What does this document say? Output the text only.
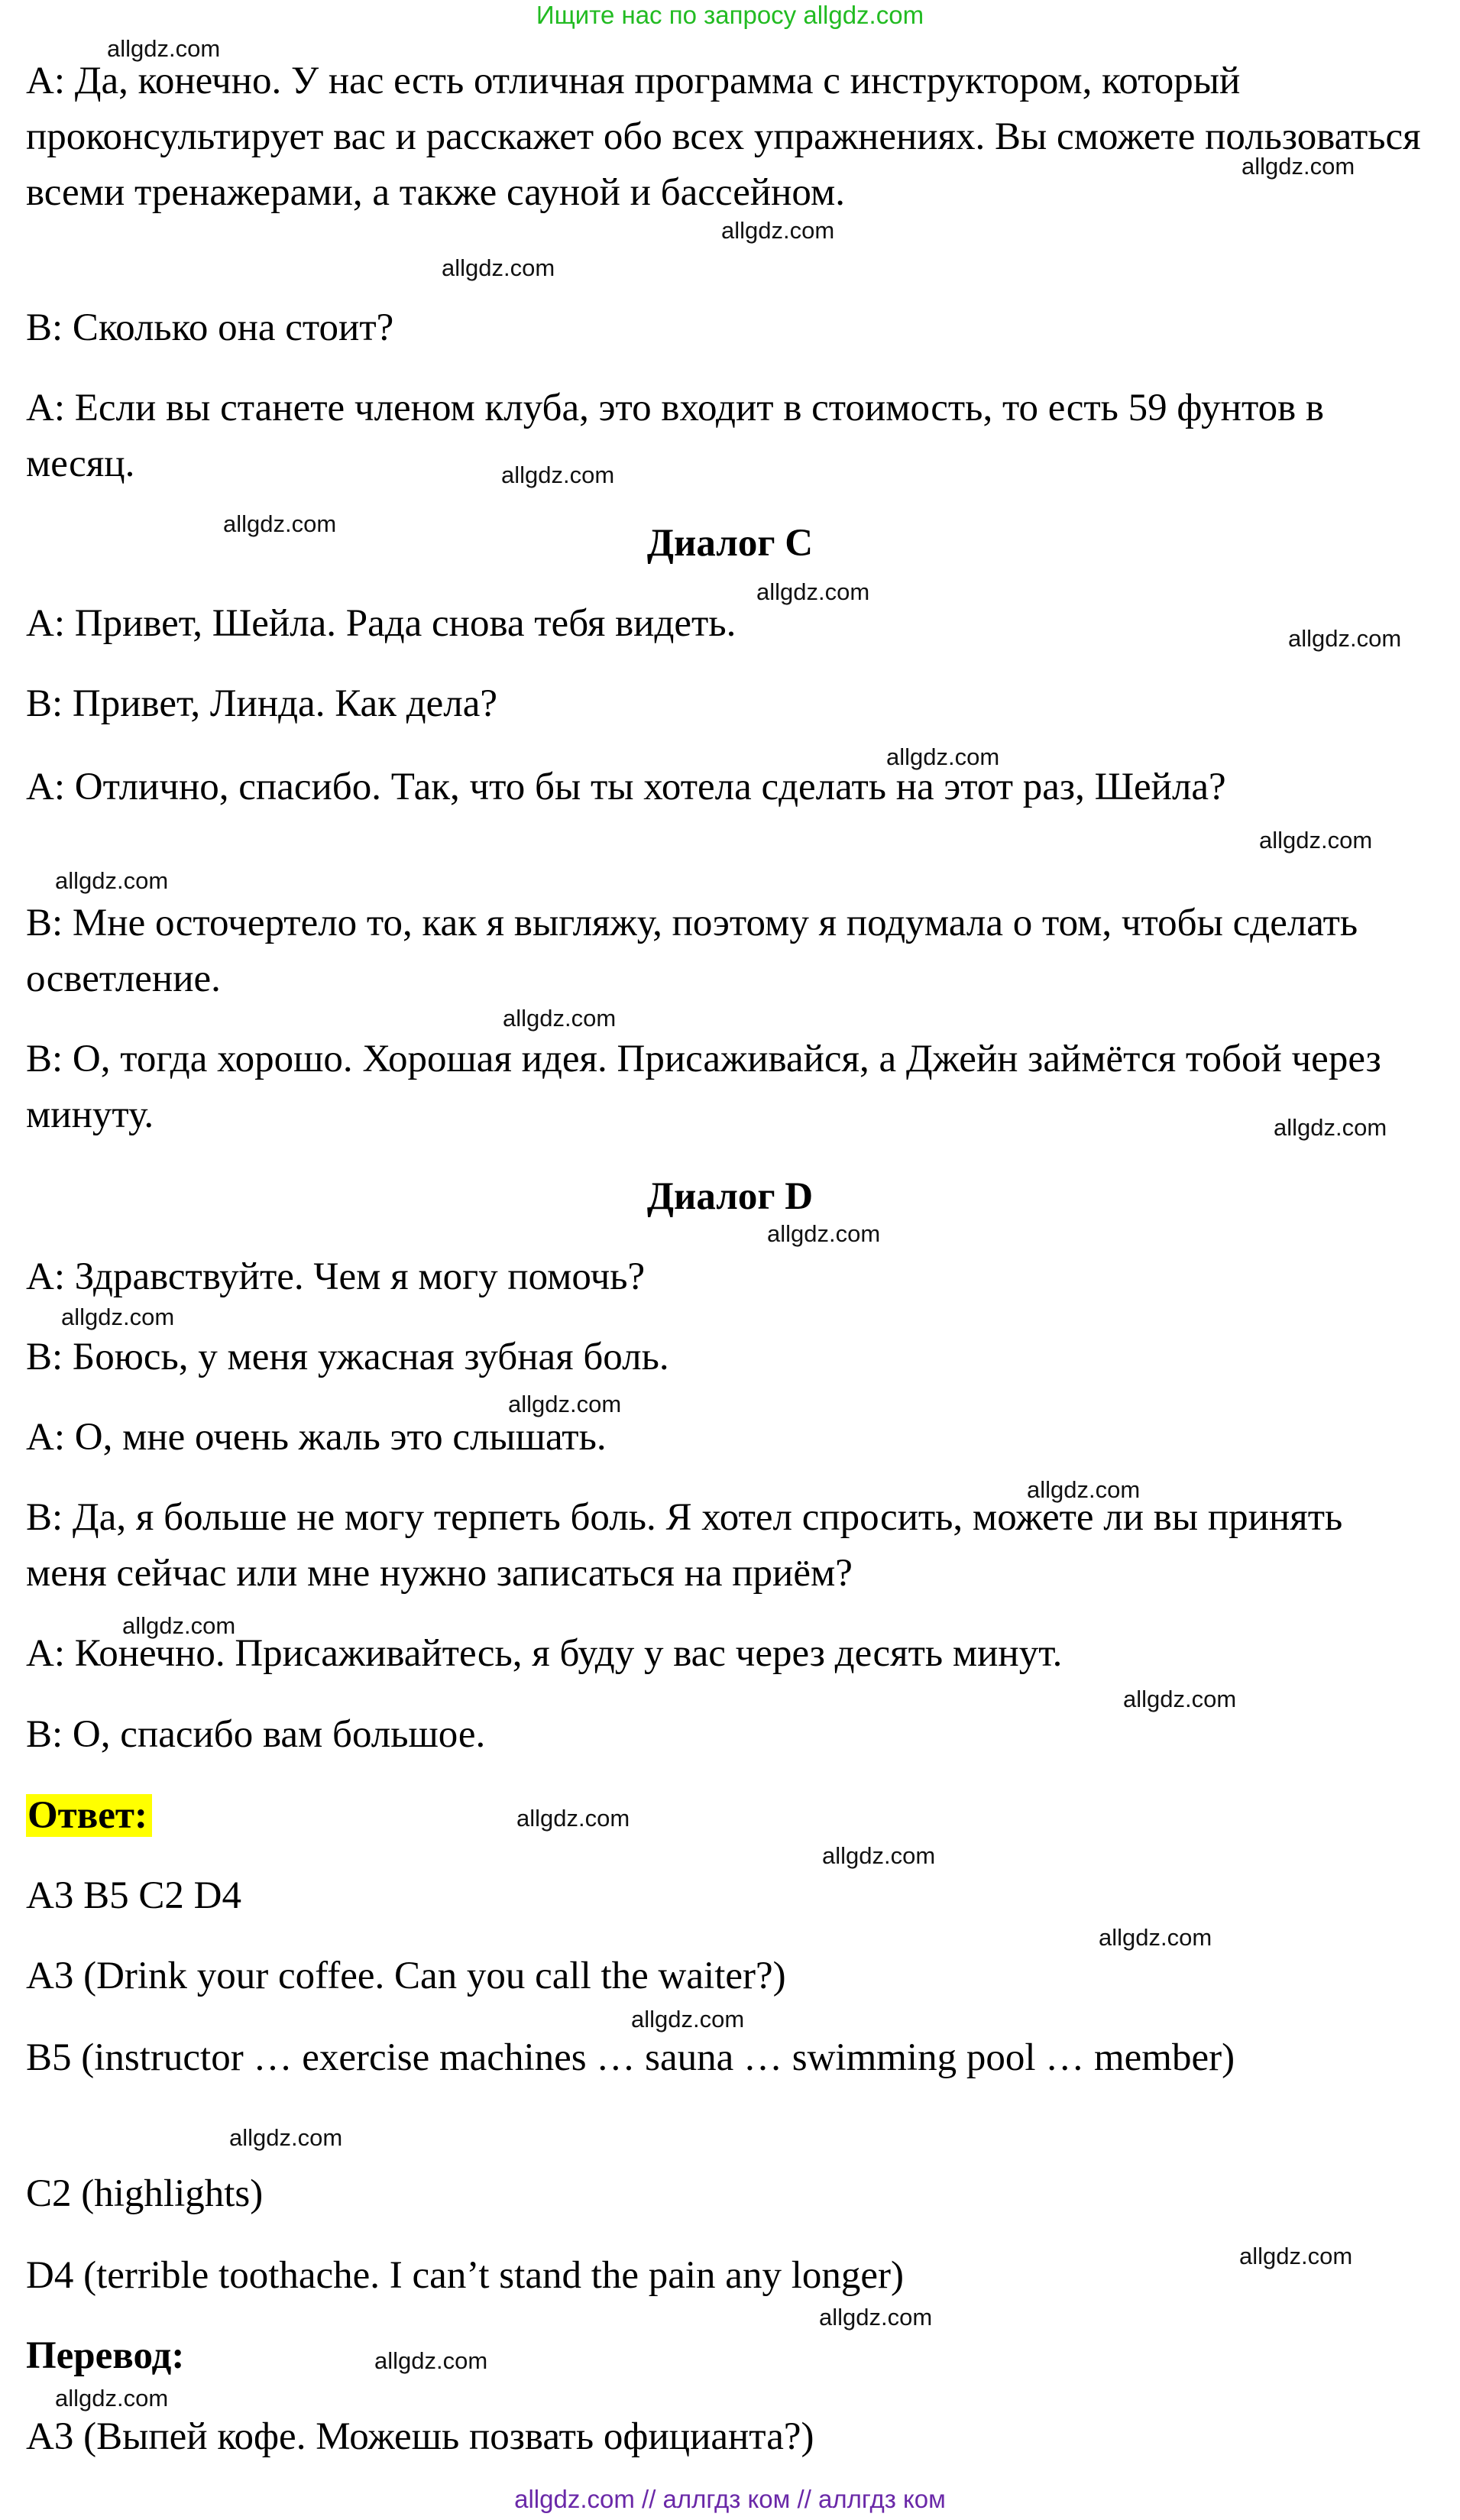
Ищите нас по запросу allgdz.com

A: Да, конечно. У нас есть отличная программа с инструктором, который проконсультирует вас и расскажет обо всех упражнениях. Вы сможете пользоваться всеми тренажерами, а также сауной и бассейном.

B: Сколько она стоит?

A: Если вы станете членом клуба, это входит в стоимость, то есть 59 фунтов в месяц.

Диалог C

A: Привет, Шейла. Рада снова тебя видеть.

B: Привет, Линда. Как дела?

A: Отлично, спасибо. Так, что бы ты хотела сделать на этот раз, Шейла?

B: Мне осточертело то, как я выгляжу, поэтому я подумала о том, чтобы сделать осветление.

B: О, тогда хорошо. Хорошая идея. Присаживайся, а Джейн займётся тобой через минуту.

Диалог D

A: Здравствуйте. Чем я могу помочь?

B: Боюсь, у меня ужасная зубная боль.

A: О, мне очень жаль это слышать.

B: Да, я больше не могу терпеть боль. Я хотел спросить, можете ли вы принять меня сейчас или мне нужно записаться на приём?

A: Конечно. Присаживайтесь, я буду у вас через десять минут.

B: О, спасибо вам большое.

Ответ:

A3 B5 C2 D4

A3 (Drink your coffee. Can you call the waiter?)

B5 (instructor … exercise machines … sauna … swimming pool … member)

C2 (highlights)

D4 (terrible toothache. I can’t stand the pain any longer)

Перевод:

A3 (Выпей кофе. Можешь позвать официанта?)

allgdz.com
allgdz.com
allgdz.com
allgdz.com
allgdz.com
allgdz.com
allgdz.com
allgdz.com
allgdz.com
allgdz.com
allgdz.com
allgdz.com
allgdz.com
allgdz.com
allgdz.com
allgdz.com
allgdz.com
allgdz.com
allgdz.com
allgdz.com
allgdz.com
allgdz.com
allgdz.com
allgdz.com
allgdz.com
allgdz.com
allgdz.com
allgdz.com
allgdz.com // аллгдз ком // аллгдз ком
